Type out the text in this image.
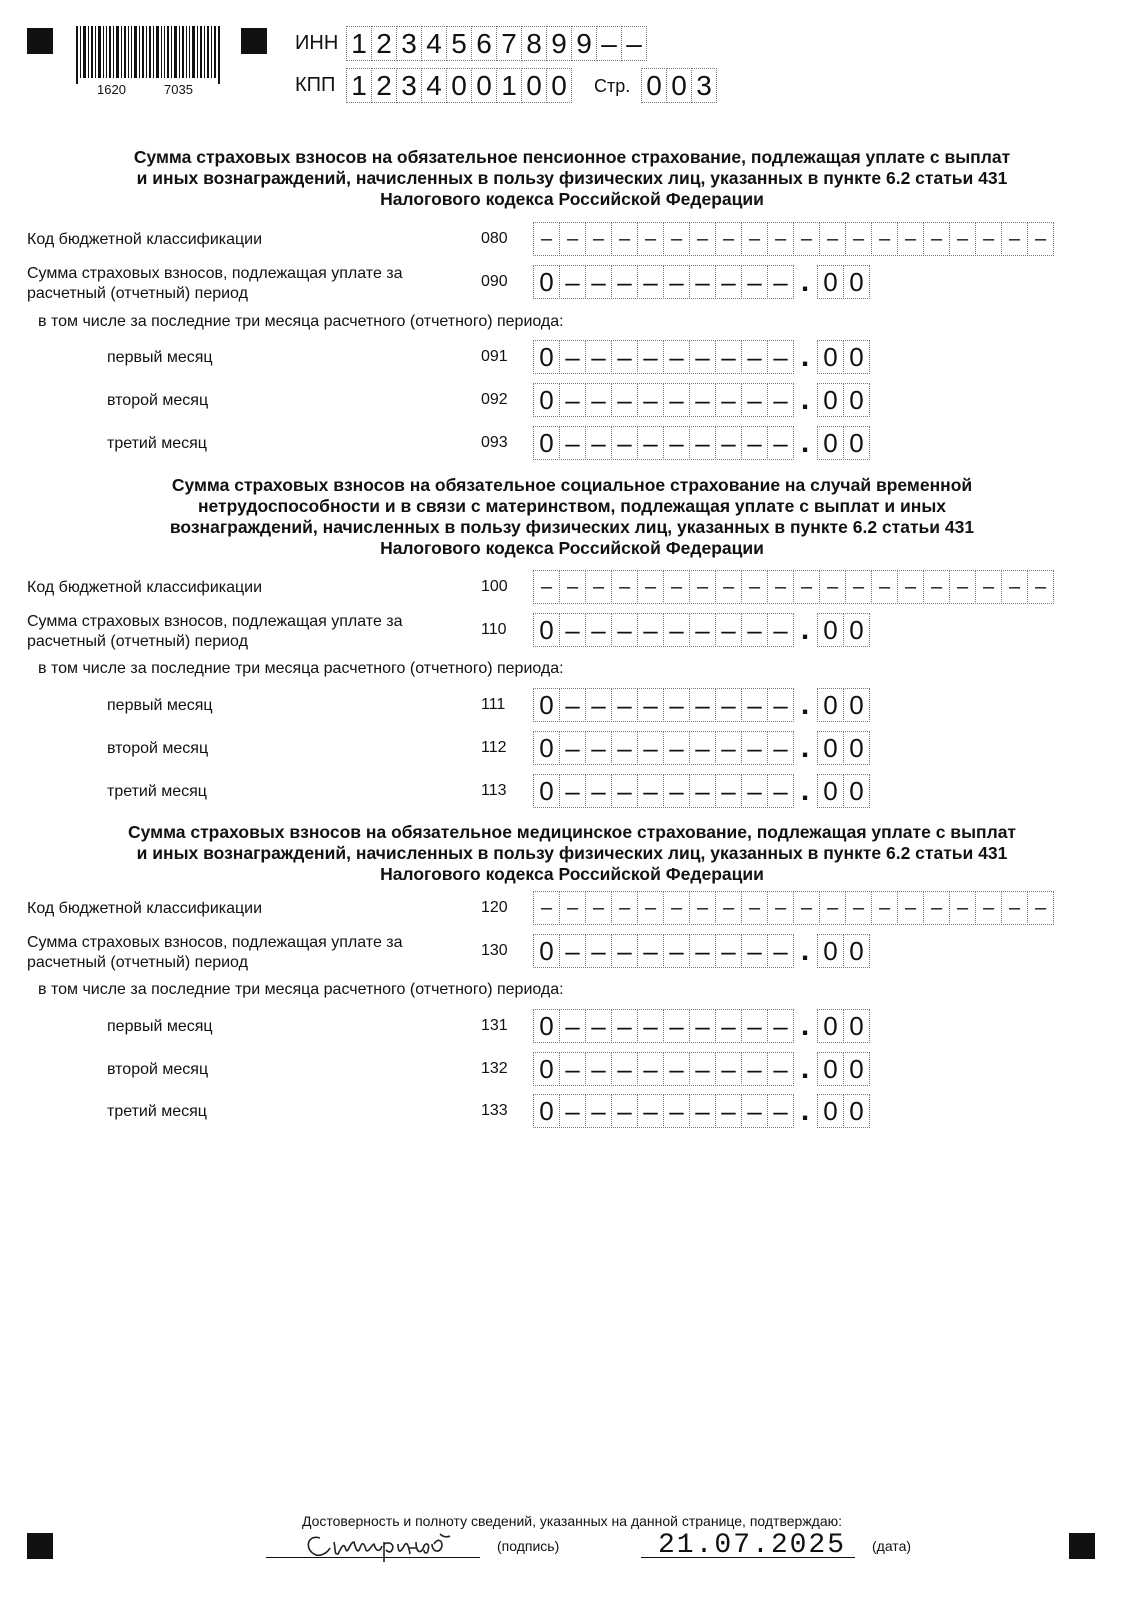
1620	7035
ИНН 1 2 3 4 5 6 7 8 9 9 – –
КПП 1 2 3 4 0 0 1 0 0 Стр. 0 0 3
Сумма страховых взносов на обязательное пенсионное страхование, подлежащая уплате с выплат
и иных вознаграждений, начисленных в пользу физических лиц, указанных в пункте 6.2 статьи 431
Налогового кодекса Российской Федерации
Код бюджетной классификации	080	– – – – – – – – – – – – – – – – – – – –
Сумма страховых взносов, подлежащая уплате за
расчетный (отчетный) период
090 0 – – – – – – – – – . 0 0
в том числе за последние три месяца расчетного (отчетного) периода:
первый месяц	091 0 – – – – – – – – – . 0 0
второй месяц	092 0 – – – – – – – – – . 0 0
третий месяц	093 0 – – – – – – – – – . 0 0
Сумма страховых взносов на обязательное социальное страхование на случай временной
нетрудоспособности и в связи с материнством, подлежащая уплате с выплат и иных
вознаграждений, начисленных в пользу физических лиц, указанных в пункте 6.2 статьи 431
Налогового кодекса Российской Федерации
Код бюджетной классификации	100	– – – – – – – – – – – – – – – – – – – –
Сумма страховых взносов, подлежащая уплате за
расчетный (отчетный) период
110 0 – – – – – – – – – . 0 0
в том числе за последние три месяца расчетного (отчетного) периода:
первый месяц	111 0 – – – – – – – – – . 0 0
второй месяц	112 0 – – – – – – – – – . 0 0
третий месяц	113 0 – – – – – – – – – . 0 0
Сумма страховых взносов на обязательное медицинское страхование, подлежащая уплате с выплат
и иных вознаграждений, начисленных в пользу физических лиц, указанных в пункте 6.2 статьи 431
Налогового кодекса Российской Федерации
Код бюджетной классификации	120	– – – – – – – – – – – – – – – – – – – –
Сумма страховых взносов, подлежащая уплате за
расчетный (отчетный) период
130 0 – – – – – – – – – . 0 0
в том числе за последние три месяца расчетного (отчетного) периода:
первый месяц	131 0 – – – – – – – – – . 0 0
второй месяц	132 0 – – – – – – – – – . 0 0
третий месяц	133 0 – – – – – – – – – . 0 0
Достоверность и полноту сведений, указанных на данной странице, подтверждаю:
(подпись)	21.07.2025 (дата)
